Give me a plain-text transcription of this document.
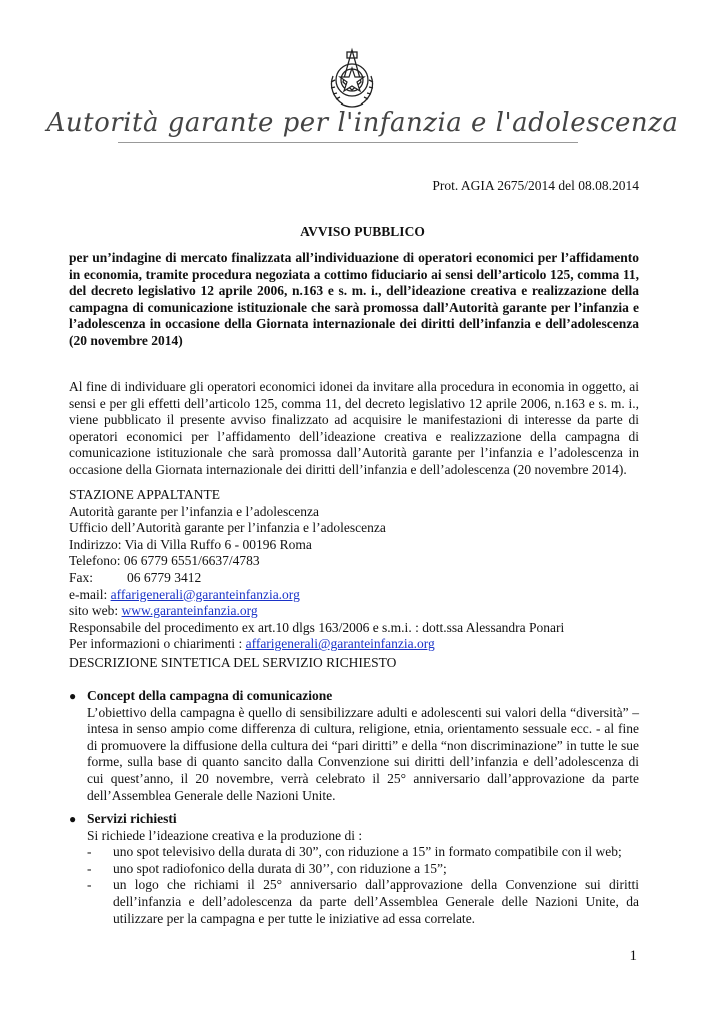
Autorità garante per l'infanzia e l'adolescenza
Prot. AGIA 2675/2014 del 08.08.2014
AVVISO PUBBLICO
per un’indagine di mercato finalizzata all’individuazione di operatori economici per l’affidamento in economia, tramite procedura negoziata a cottimo fiduciario ai sensi dell’articolo 125, comma 11, del decreto legislativo 12 aprile 2006, n.163 e s. m. i., dell’ideazione creativa e realizzazione della campagna di comunicazione istituzionale che sarà promossa dall’Autorità garante per l’infanzia e l’adolescenza in occasione della Giornata internazionale dei diritti dell’infanzia e dell’adolescenza (20 novembre 2014)
Al fine di individuare gli operatori economici idonei da invitare alla procedura in economia in oggetto, ai sensi e per gli effetti dell’articolo 125, comma 11, del decreto legislativo 12 aprile 2006, n.163 e s. m. i., viene pubblicato il presente avviso finalizzato ad acquisire le manifestazioni di interesse da parte di operatori economici per l’affidamento dell’ideazione creativa e realizzazione della campagna di comunicazione istituzionale che sarà promossa dall’Autorità garante per l’infanzia e l’adolescenza in occasione della Giornata internazionale dei diritti dell’infanzia e dell’adolescenza (20 novembre 2014).
STAZIONE APPALTANTE
Autorità garante per l’infanzia e l’adolescenza
Ufficio dell’Autorità garante per l’infanzia e l’adolescenza
Indirizzo: Via di Villa Ruffo 6 - 00196 Roma
Telefono: 06 6779 6551/6637/4783
Fax:	06 6779 3412
e-mail: affarigenerali@garanteinfanzia.org
sito web: www.garanteinfanzia.org
Responsabile del procedimento ex art.10 dlgs 163/2006 e s.m.i. : dott.ssa Alessandra Ponari
Per informazioni o chiarimenti : affarigenerali@garanteinfanzia.org
DESCRIZIONE SINTETICA DEL SERVIZIO RICHIESTO
● Concept della campagna di comunicazione
L’obiettivo della campagna è quello di sensibilizzare adulti e adolescenti sui valori della “diversità” – intesa in senso ampio come differenza di cultura, religione, etnia, orientamento sessuale ecc. - al fine di promuovere la diffusione della cultura dei “pari diritti” e della “non discriminazione” in tutte le sue forme, sulla base di quanto sancito dalla Convenzione sui diritti dell’infanzia e dell’adolescenza di cui quest’anno, il 20 novembre, verrà celebrato il 25° anniversario dall’approvazione da parte dell’Assemblea Generale delle Nazioni Unite.
● Servizi richiesti
Si richiede l’ideazione creativa e la produzione di :
- uno spot televisivo della durata di 30”, con riduzione a 15” in formato compatibile con il web;
- uno spot radiofonico della durata di 30’’, con riduzione a 15”;
- un logo che richiami il 25° anniversario dall’approvazione della Convenzione sui diritti dell’infanzia e dell’adolescenza da parte dell’Assemblea Generale delle Nazioni Unite, da utilizzare per la campagna e per tutte le iniziative ad essa correlate.
1
